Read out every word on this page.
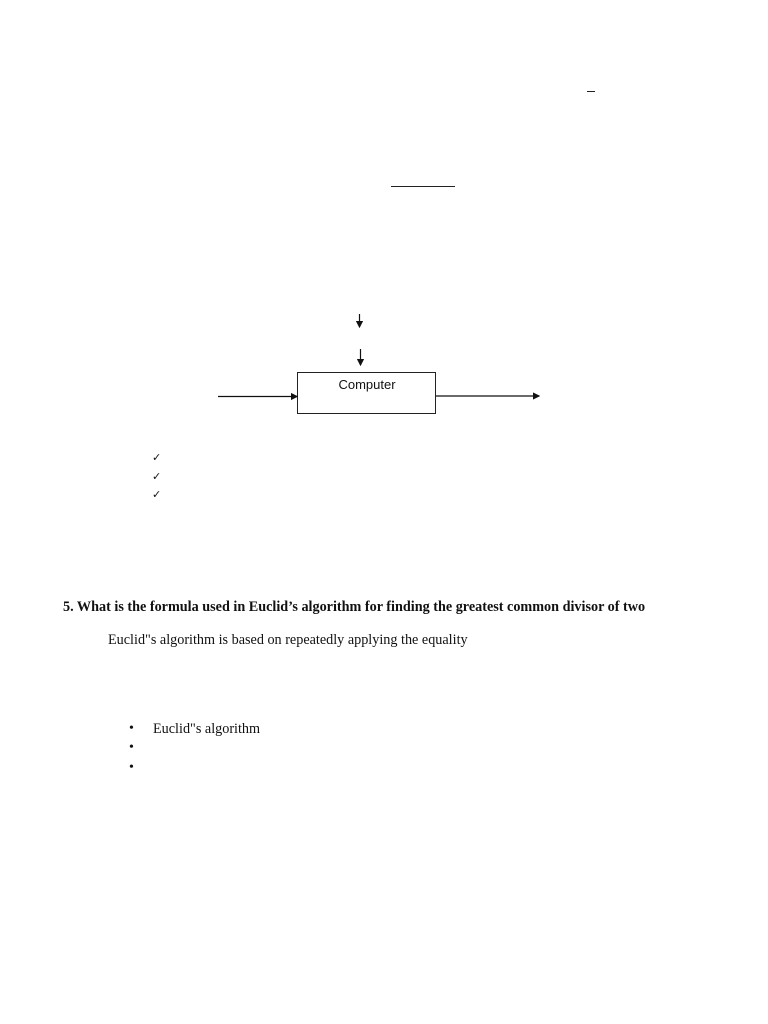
Computer
✓
✓
✓
5. What is the formula used in Euclid’s algorithm for finding the greatest common divisor of two
Euclid"s algorithm is based on repeatedly applying the equality
• Euclid"s algorithm
•
•
